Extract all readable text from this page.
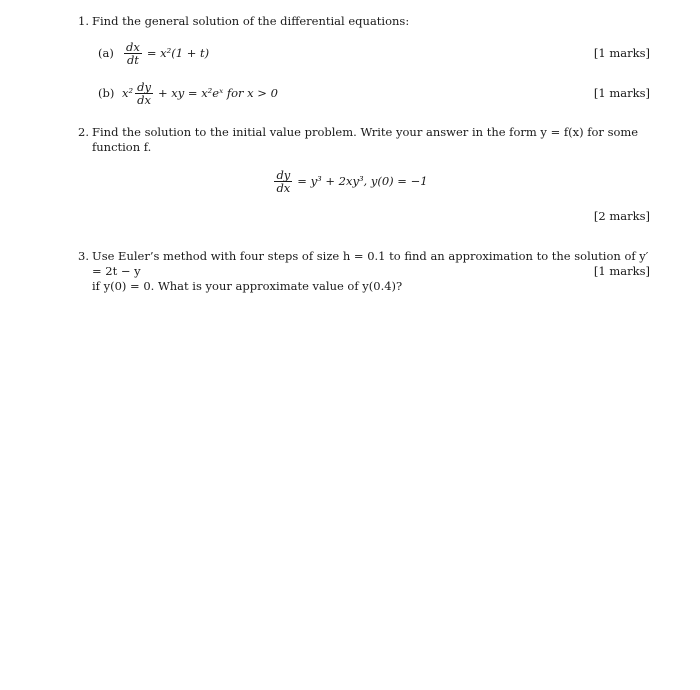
1. Find the general solution of the differential equations:
$(a) \frac{dx}{dt} = x^2(1 + t)$	[1 marks]
(b) $x^2 \frac{dy}{dx}$ + xy = x²eˣ for x > 0	[1 marks]
2. Find the solution to the initial value problem. Write your answer in the form y = f(x) for some function f.
$\frac{dy}{dx} = y^3 + 2xy^3$, y(0) = −1
[2 marks]
3. Use Euler’s method with four steps of size h = 0.1 to find an approximation to the solution of y′ = 2t − y
if y(0) = 0. What is your approximate value of y(0.4)?
[1 marks]
